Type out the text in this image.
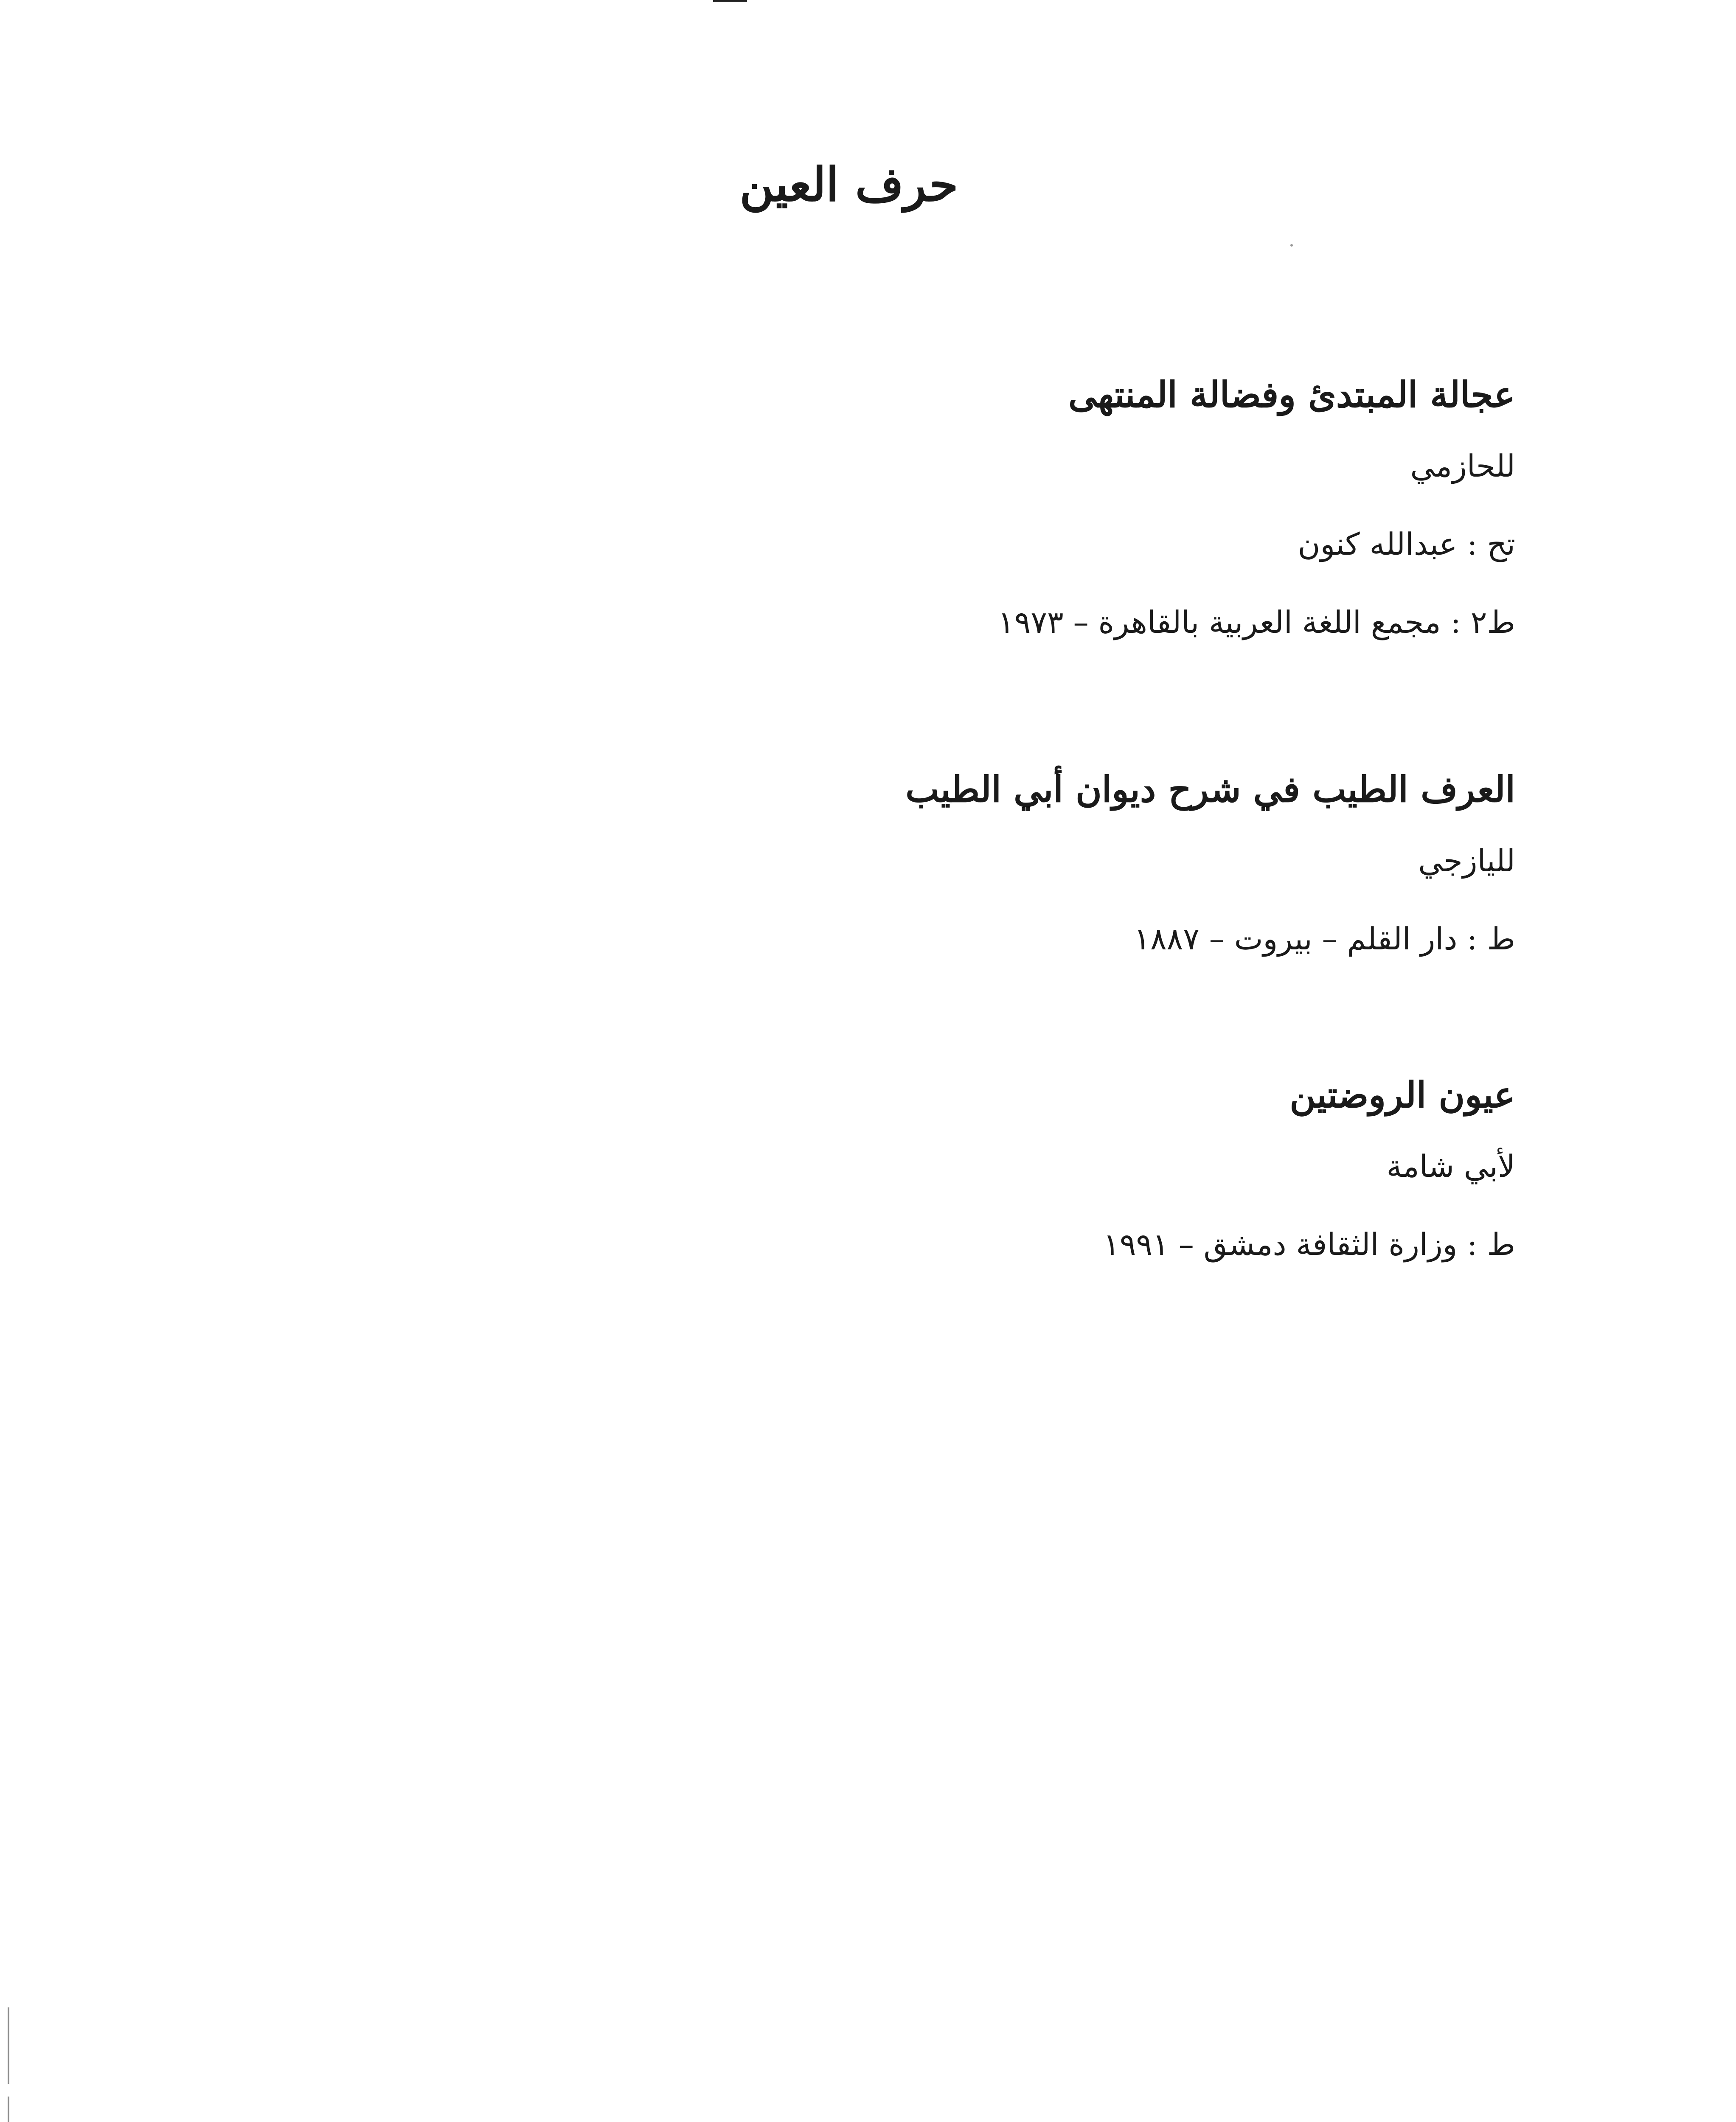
حرف العين

عجالة المبتدئ وفضالة المنتهى

للحازمي

تح : عبدالله كنون

ط٢ : مجمع اللغة العربية بالقاهرة – ١٩٧٣

العرف الطيب في شرح ديوان أبي الطيب

لليازجي

ط : دار القلم – بيروت – ١٨٨٧

عيون الروضتين

لأبي شامة

ط : وزارة الثقافة دمشق – ١٩٩١
